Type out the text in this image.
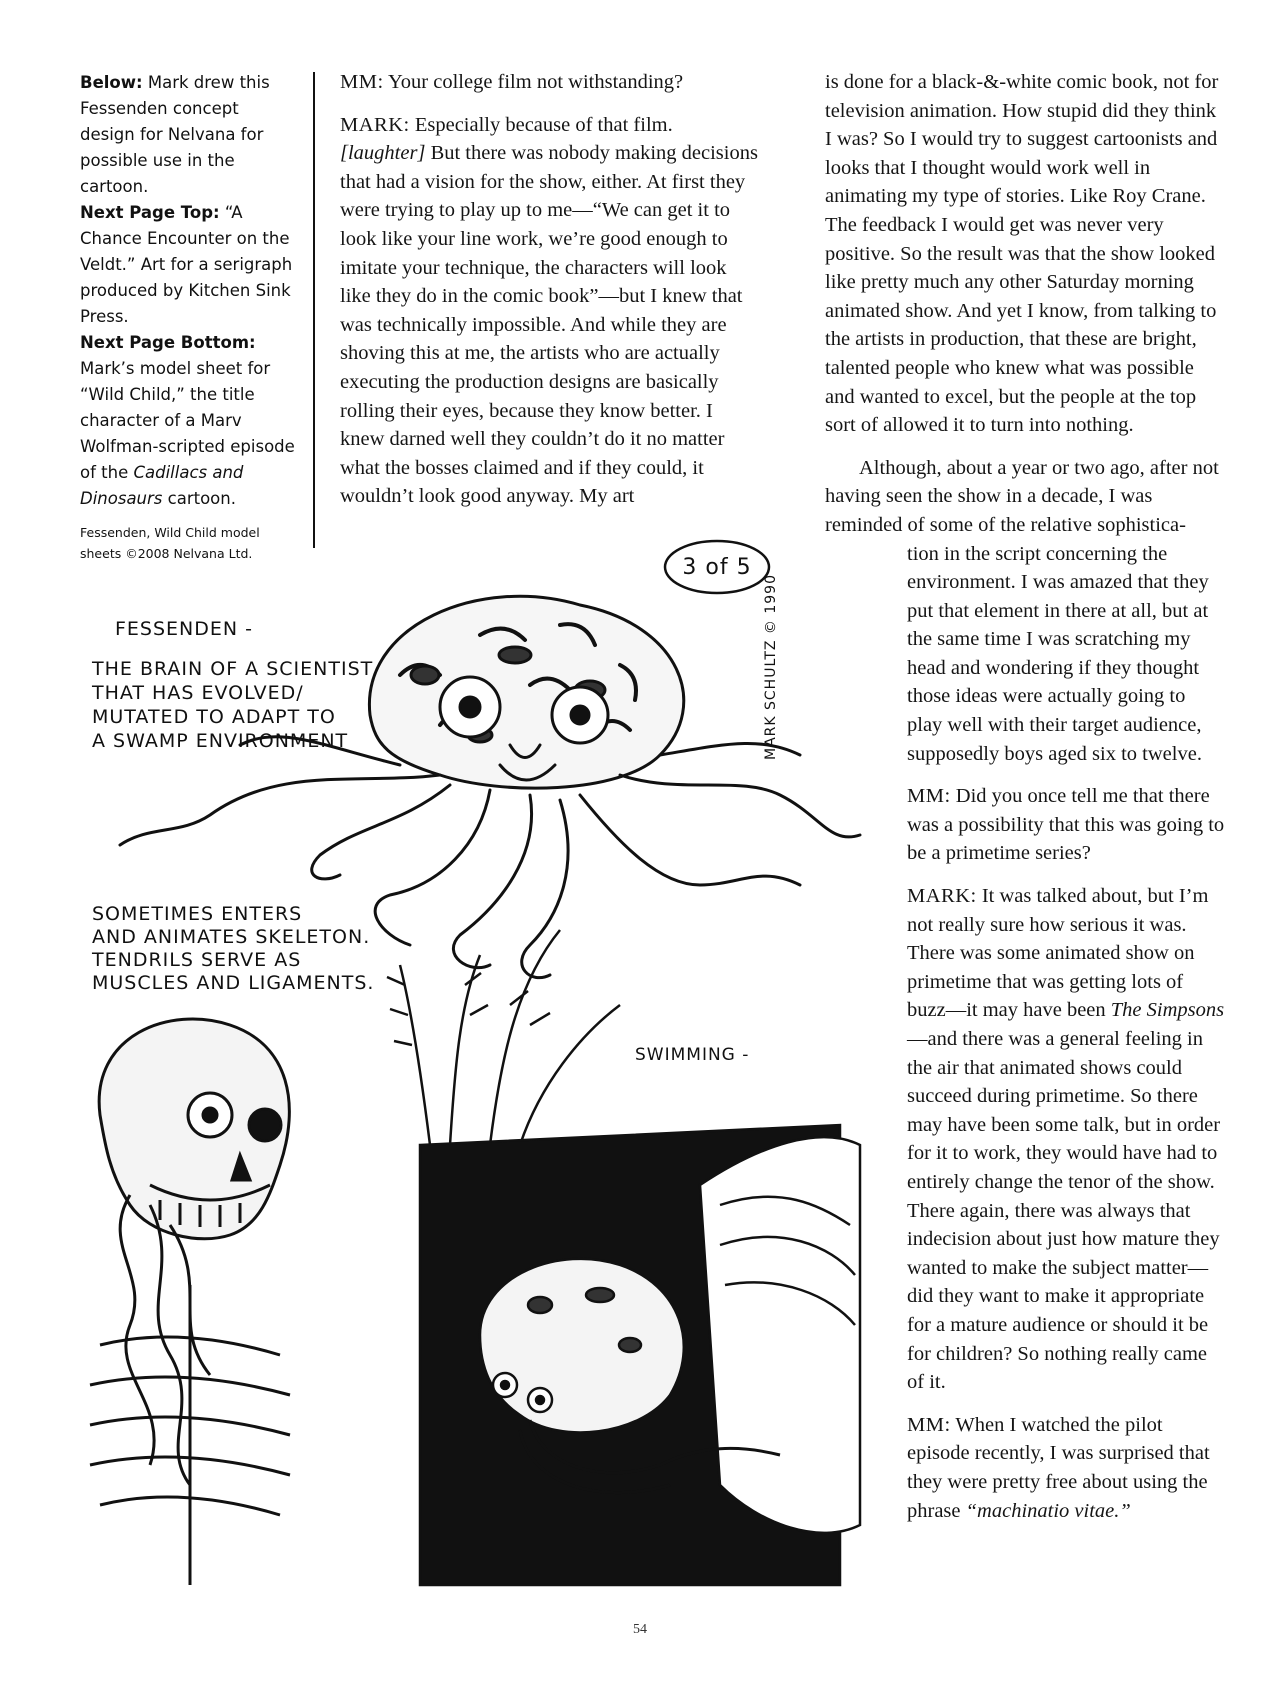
Below: Mark drew this Fessenden concept design for Nelvana for possible use in the cartoon.

Next Page Top: “A Chance Encounter on the Veldt.” Art for a serigraph produced by Kitchen Sink Press.

Next Page Bottom: Mark’s model sheet for “Wild Child,” the title character of a Marv Wolfman-scripted episode of the Cadillacs and Dinosaurs cartoon.

Fessenden, Wild Child model sheets ©2008 Nelvana Ltd.

MM: Your college film not withstanding?

MARK: Especially because of that film. [laughter] But there was nobody making decisions that had a vision for the show, either. At first they were trying to play up to me—“We can get it to look like your line work, we’re good enough to imitate your technique, the characters will look like they do in the comic book”—but I knew that was technically impossible. And while they are shoving this at me, the artists who are actually executing the production designs are basically rolling their eyes, because they know better. I knew darned well they couldn’t do it no matter what the bosses claimed and if they could, it wouldn’t look good anyway. My art

is done for a black-&-white comic book, not for television animation. How stupid did they think I was? So I would try to suggest cartoonists and looks that I thought would work well in animating my type of stories. Like Roy Crane. The feedback I would get was never very positive. So the result was that the show looked like pretty much any other Saturday morning animated show. And yet I know, from talking to the artists in production, that these are bright, talented people who knew what was possible and wanted to excel, but the people at the top sort of allowed it to turn into nothing.

Although, about a year or two ago, after not having seen the show in a decade, I was reminded of some of the relative sophistica-

tion in the script concerning the environment. I was amazed that they put that element in there at all, but at the same time I was scratching my head and wondering if they thought those ideas were actually going to play well with their target audience, supposedly boys aged six to twelve.

MM: Did you once tell me that there was a possibility that this was going to be a primetime series?

MARK: It was talked about, but I’m not really sure how serious it was. There was some animated show on primetime that was getting lots of buzz—it may have been The Simpsons—and there was a general feeling in the air that animated shows could succeed during primetime. So there may have been some talk, but in order for it to work, they would have had to entirely change the tenor of the show. There again, there was always that indecision about just how mature they wanted to make the subject matter—did they want to make it appropriate for a mature audience or should it be for children? So nothing really came of it.

MM: When I watched the pilot episode recently, I was surprised that they were pretty free about using the phrase “machinatio vitae.”

FESSENDEN -
THE BRAIN OF A SCIENTIST
THAT HAS EVOLVED/
MUTATED TO ADAPT TO
A SWAMP ENVIRONMENT
3 of 5
MARK SCHULTZ © 1990
SOMETIMES ENTERS
AND ANIMATES SKELETON.
TENDRILS SERVE AS
MUSCLES AND LIGAMENTS.
SWIMMING -
54
